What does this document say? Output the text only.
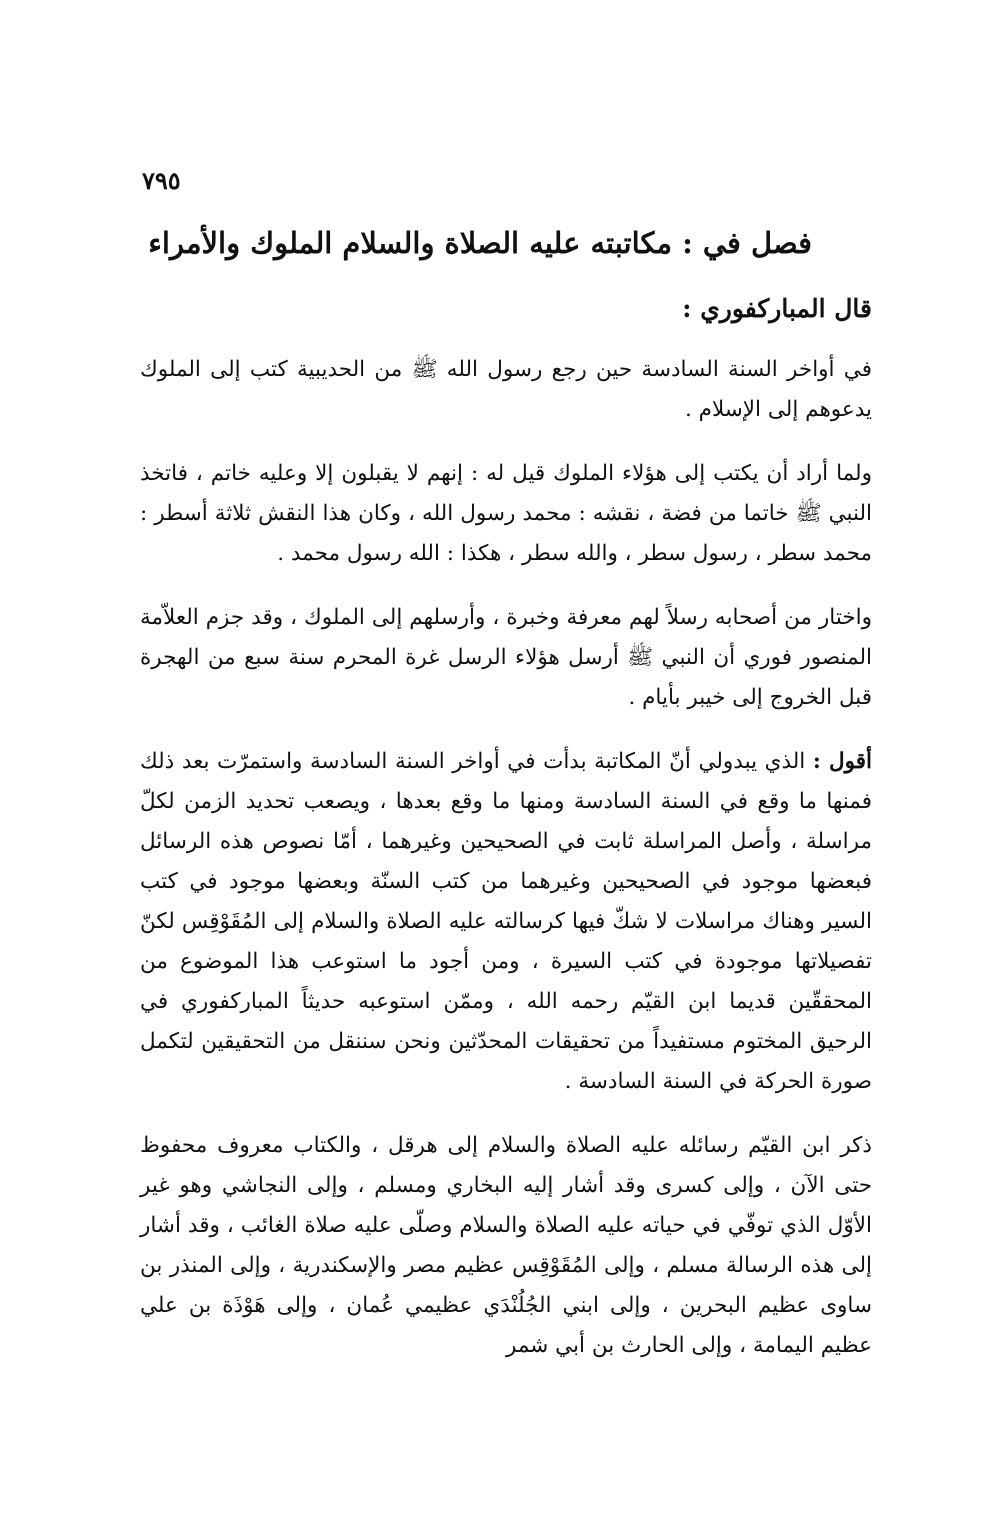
٧٩٥
فصل في : مكاتبته عليه الصلاة والسلام الملوك والأمراء
قال المباركفوري :

في أواخر السنة السادسة حين رجع رسول الله ﷺ من الحديبية كتب إلى الملوك يدعوهم إلى الإسلام .

ولما أراد أن يكتب إلى هؤلاء الملوك قيل له : إنهم لا يقبلون إلا وعليه خاتم ، فاتخذ النبي ﷺ خاتما من فضة ، نقشه : محمد رسول الله ، وكان هذا النقش ثلاثة أسطر : محمد سطر ، رسول سطر ، والله سطر ، هكذا : الله رسول محمد .

واختار من أصحابه رسلاً لهم معرفة وخبرة ، وأرسلهم إلى الملوك ، وقد جزم العلاّمة المنصور فوري أن النبي ﷺ أرسل هؤلاء الرسل غرة المحرم سنة سبع من الهجرة قبل الخروج إلى خيبر بأيام .

أقول : الذي يبدولي أنّ المكاتبة بدأت في أواخر السنة السادسة واستمرّت بعد ذلك فمنها ما وقع في السنة السادسة ومنها ما وقع بعدها ، ويصعب تحديد الزمن لكلّ مراسلة ، وأصل المراسلة ثابت في الصحيحين وغيرهما ، أمّا نصوص هذه الرسائل فبعضها موجود في الصحيحين وغيرهما من كتب السنّة وبعضها موجود في كتب السير وهناك مراسلات لا شكّ فيها كرسالته عليه الصلاة والسلام إلى المُقَوْقِس لكنّ تفصيلاتها موجودة في كتب السيرة ، ومن أجود ما استوعب هذا الموضوع من المحققّين قديما ابن القيّم رحمه الله ، وممّن استوعبه حديثاً المباركفوري في الرحيق المختوم مستفيداً من تحقيقات المحدّثين ونحن سننقل من التحقيقين لتكمل صورة الحركة في السنة السادسة .

ذكر ابن القيّم رسائله عليه الصلاة والسلام إلى هرقل ، والكتاب معروف محفوظ حتى الآن ، وإلى كسرى وقد أشار إليه البخاري ومسلم ، وإلى النجاشي وهو غير الأوّل الذي توفّي في حياته عليه الصلاة والسلام وصلّى عليه صلاة الغائب ، وقد أشار إلى هذه الرسالة مسلم ، وإلى المُقَوْقِس عظيم مصر والإسكندرية ، وإلى المنذر بن ساوى عظيم البحرين ، وإلى ابني الجُلُنْدَي عظيمي عُمان ، وإلى هَوْذَة بن علي عظيم اليمامة ، وإلى الحارث بن أبي شمر
